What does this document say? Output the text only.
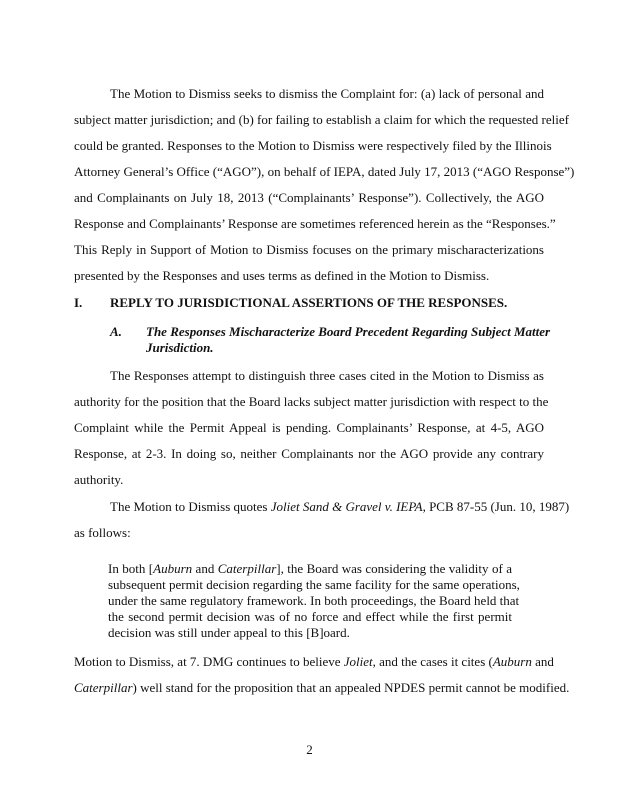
The Motion to Dismiss seeks to dismiss the Complaint for: (a) lack of personal and

subject matter jurisdiction; and (b) for failing to establish a claim for which the requested relief

could be granted. Responses to the Motion to Dismiss were respectively filed by the Illinois

Attorney General’s Office (“AGO”), on behalf of IEPA, dated July 17, 2013 (“AGO Response”)

and Complainants on July 18, 2013 (“Complainants’ Response”). Collectively, the AGO

Response and Complainants’ Response are sometimes referenced herein as the “Responses.”

This Reply in Support of Motion to Dismiss focuses on the primary mischaracterizations

presented by the Responses and uses terms as defined in the Motion to Dismiss.

I. REPLY TO JURISDICTIONAL ASSERTIONS OF THE RESPONSES.
A. The Responses Mischaracterize Board Precedent Regarding Subject Matter

Jurisdiction.

The Responses attempt to distinguish three cases cited in the Motion to Dismiss as

authority for the position that the Board lacks subject matter jurisdiction with respect to the

Complaint while the Permit Appeal is pending. Complainants’ Response, at 4-5, AGO

Response, at 2-3. In doing so, neither Complainants nor the AGO provide any contrary

authority.

The Motion to Dismiss quotes Joliet Sand & Gravel v. IEPA, PCB 87-55 (Jun. 10, 1987)

as follows:

In both [Auburn and Caterpillar], the Board was considering the validity of a

subsequent permit decision regarding the same facility for the same operations,

under the same regulatory framework. In both proceedings, the Board held that

the second permit decision was of no force and effect while the first permit

decision was still under appeal to this [B]oard.

Motion to Dismiss, at 7. DMG continues to believe Joliet, and the cases it cites (Auburn and

Caterpillar) well stand for the proposition that an appealed NPDES permit cannot be modified.

2
